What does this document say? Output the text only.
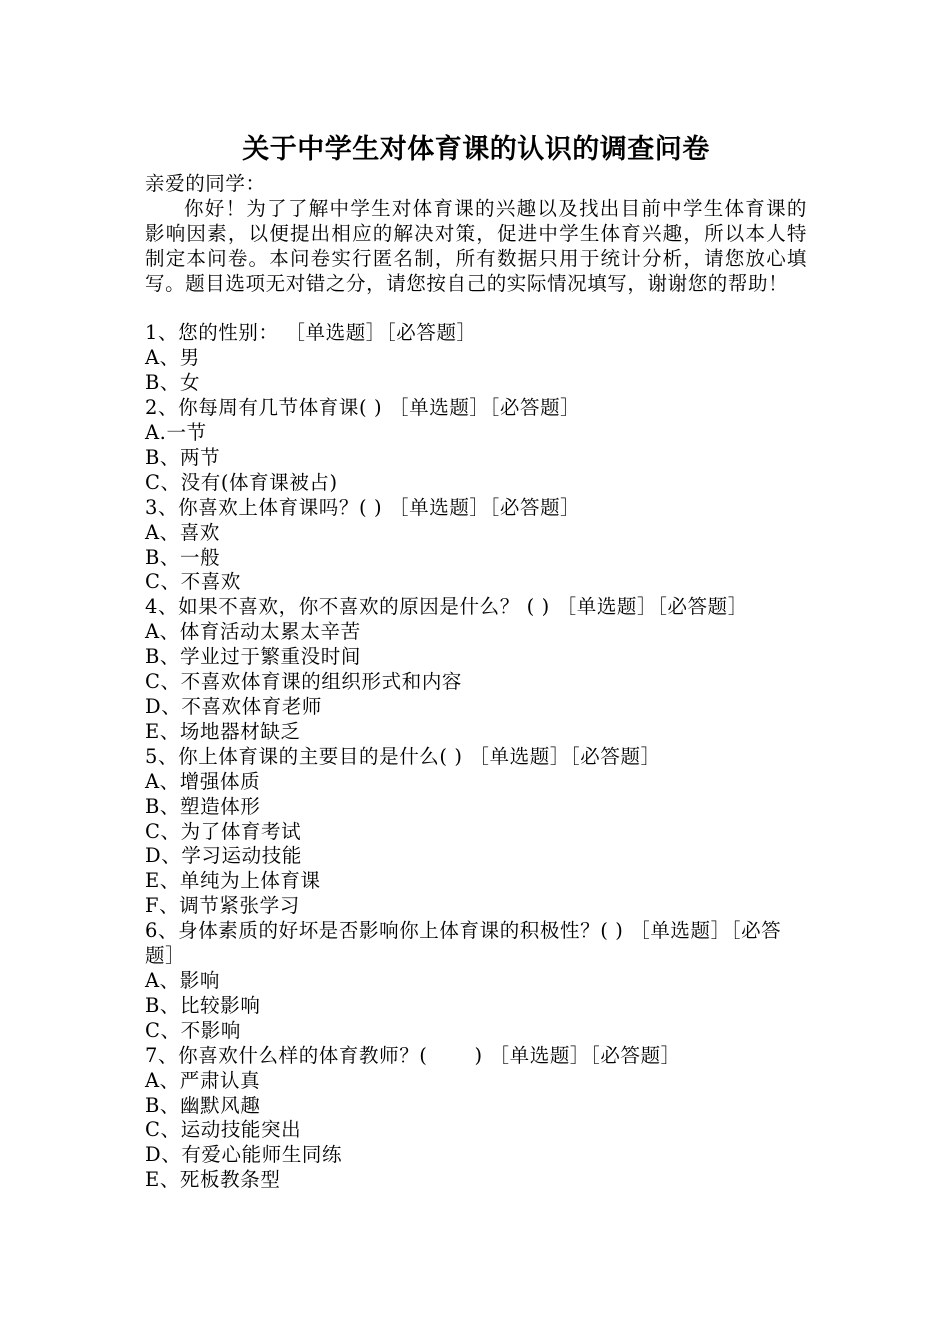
关于中学生对体育课的认识的调查问卷

亲爱的同学：

你好！为了了解中学生对体育课的兴趣以及找出目前中学生体育课的影响因素，以便提出相应的解决对策，促进中学生体育兴趣，所以本人特制定本问卷。本问卷实行匿名制，所有数据只用于统计分析，请您放心填写。题目选项无对错之分，请您按自己的实际情况填写，谢谢您的帮助！

1、您的性别： ［单选题］［必答题］

A、男

B、女

2、你每周有几节体育课( ) ［单选题］［必答题］

A.一节

B、两节

C、没有(体育课被占)

3、你喜欢上体育课吗？( ) ［单选题］［必答题］

A、喜欢

B、一般

C、不喜欢

4、如果不喜欢，你不喜欢的原因是什么？ ( ) ［单选题］［必答题］

A、体育活动太累太辛苦

B、学业过于繁重没时间

C、不喜欢体育课的组织形式和内容

D、不喜欢体育老师

E、场地器材缺乏

5、你上体育课的主要目的是什么( ) ［单选题］［必答题］

A、增强体质

B、塑造体形

C、为了体育考试

D、学习运动技能

E、单纯为上体育课

F、调节紧张学习

6、身体素质的好坏是否影响你上体育课的积极性？( ) ［单选题］［必答题］

A、影响

B、比较影响

C、不影响

7、你喜欢什么样的体育教师？(　　 ) ［单选题］［必答题］

A、严肃认真

B、幽默风趣

C、运动技能突出

D、有爱心能师生同练

E、死板教条型
